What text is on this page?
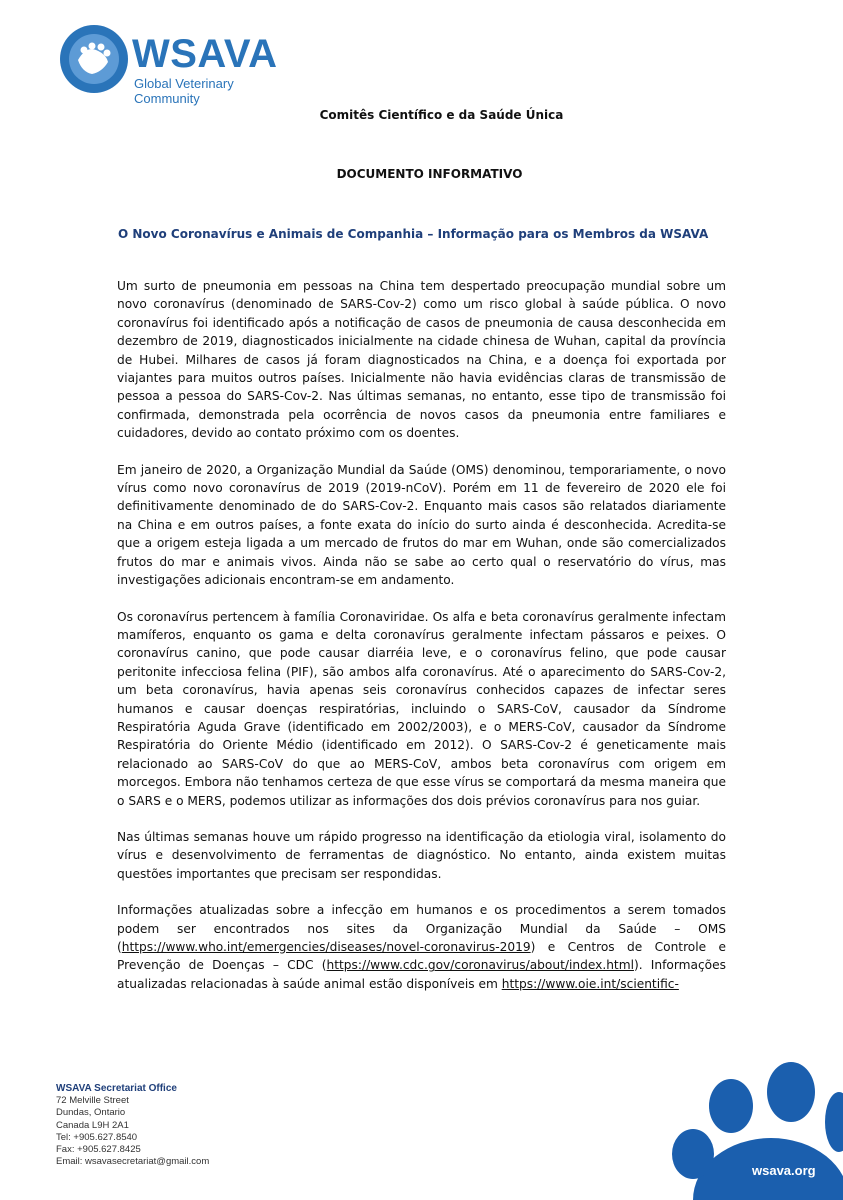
WSAVA
Global Veterinary Community
Comitês Científico e da Saúde Única
DOCUMENTO INFORMATIVO
O Novo Coronavírus e Animais de Companhia – Informação para os Membros da WSAVA

Um surto de pneumonia em pessoas na China tem despertado preocupação mundial sobre um novo coronavírus (denominado de SARS-Cov-2) como um risco global à saúde pública. O novo coronavírus foi identificado após a notificação de casos de pneumonia de causa desconhecida em dezembro de 2019, diagnosticados inicialmente na cidade chinesa de Wuhan, capital da província de Hubei. Milhares de casos já foram diagnosticados na China, e a doença foi exportada por viajantes para muitos outros países. Inicialmente não havia evidências claras de transmissão de pessoa a pessoa do SARS-Cov-2. Nas últimas semanas, no entanto, esse tipo de transmissão foi confirmada, demonstrada pela ocorrência de novos casos da pneumonia entre familiares e cuidadores, devido ao contato próximo com os doentes.

Em janeiro de 2020, a Organização Mundial da Saúde (OMS) denominou, temporariamente, o novo vírus como novo coronavírus de 2019 (2019-nCoV). Porém em 11 de fevereiro de 2020 ele foi definitivamente denominado de do SARS-Cov-2. Enquanto mais casos são relatados diariamente na China e em outros países, a fonte exata do início do surto ainda é desconhecida. Acredita-se que a origem esteja ligada a um mercado de frutos do mar em Wuhan, onde são comercializados frutos do mar e animais vivos. Ainda não se sabe ao certo qual o reservatório do vírus, mas investigações adicionais encontram-se em andamento.

Os coronavírus pertencem à família Coronaviridae. Os alfa e beta coronavírus geralmente infectam mamíferos, enquanto os gama e delta coronavírus geralmente infectam pássaros e peixes. O coronavírus canino, que pode causar diarréia leve, e o coronavírus felino, que pode causar peritonite infecciosa felina (PIF), são ambos alfa coronavírus. Até o aparecimento do SARS-Cov-2, um beta coronavírus, havia apenas seis coronavírus conhecidos capazes de infectar seres humanos e causar doenças respiratórias, incluindo o SARS-CoV, causador da Síndrome Respiratória Aguda Grave (identificado em 2002/2003), e o MERS-CoV, causador da Síndrome Respiratória do Oriente Médio (identificado em 2012). O SARS-Cov-2 é geneticamente mais relacionado ao SARS-CoV do que ao MERS-CoV, ambos beta coronavírus com origem em morcegos. Embora não tenhamos certeza de que esse vírus se comportará da mesma maneira que o SARS e o MERS, podemos utilizar as informações dos dois prévios coronavírus para nos guiar.

Nas últimas semanas houve um rápido progresso na identificação da etiologia viral, isolamento do vírus e desenvolvimento de ferramentas de diagnóstico. No entanto, ainda existem muitas questões importantes que precisam ser respondidas.

Informações atualizadas sobre a infecção em humanos e os procedimentos a serem tomados podem ser encontrados nos sites da Organização Mundial da Saúde – OMS (https://www.who.int/emergencies/diseases/novel-coronavirus-2019) e Centros de Controle e Prevenção de Doenças – CDC (https://www.cdc.gov/coronavirus/about/index.html). Informações atualizadas relacionadas à saúde animal estão disponíveis em https://www.oie.int/scientific-

WSAVA Secretariat Office
72 Melville Street
Dundas, Ontario
Canada L9H 2A1
Tel: +905.627.8540
Fax: +905.627.8425
Email: wsavasecretariat@gmail.com
wsava.org
